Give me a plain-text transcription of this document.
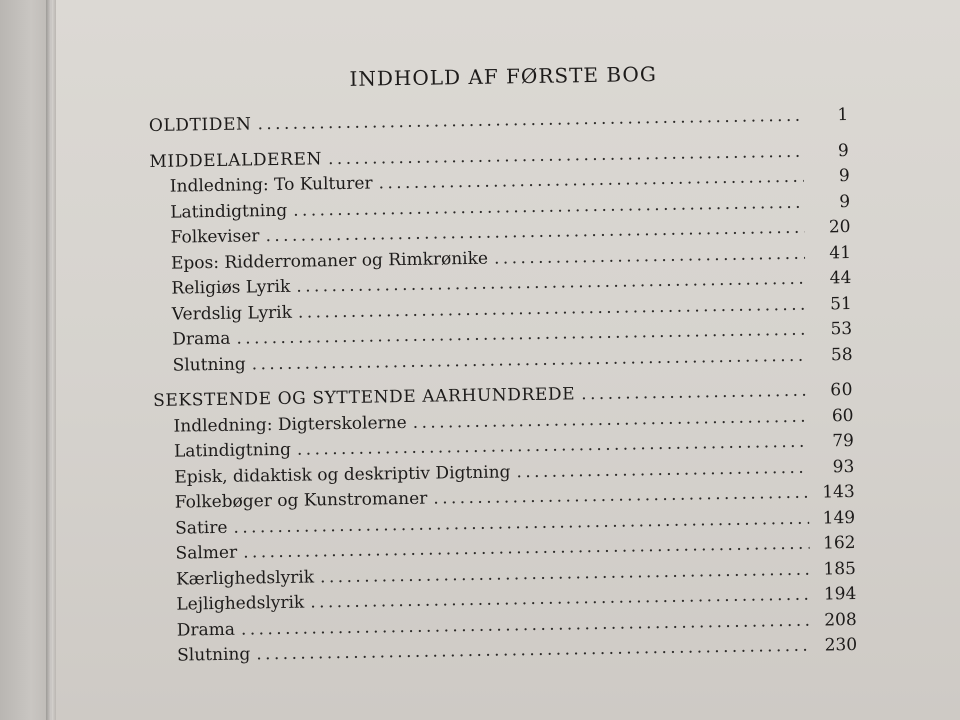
INDHOLD AF FØRSTE BOG
OLDTIDEN . . .	1
MIDDELALDEREN . . .	9
Indledning: To Kulturer . . .	9
Latindigtning . . .	9
Folkeviser . . .	20
Epos: Ridderromaner og Rimkrønike . . .	41
Religiøs Lyrik . . .	44
Verdslig Lyrik . . .	51
Drama . . .	53
Slutning . . .	58
SEKSTENDE OG SYTTENDE AARHUNDREDE . . .	60
Indledning: Digterskolerne . . .	60
Latindigtning . . .	79
Episk, didaktisk og deskriptiv Digtning . . .	93
Folkebøger og Kunstromaner . . .	143
Satire . . .	149
Salmer . . .	162
Kærlighedslyrik . . .	185
Lejlighedslyrik . . .	194
Drama . . .	208
Slutning . . .	230
